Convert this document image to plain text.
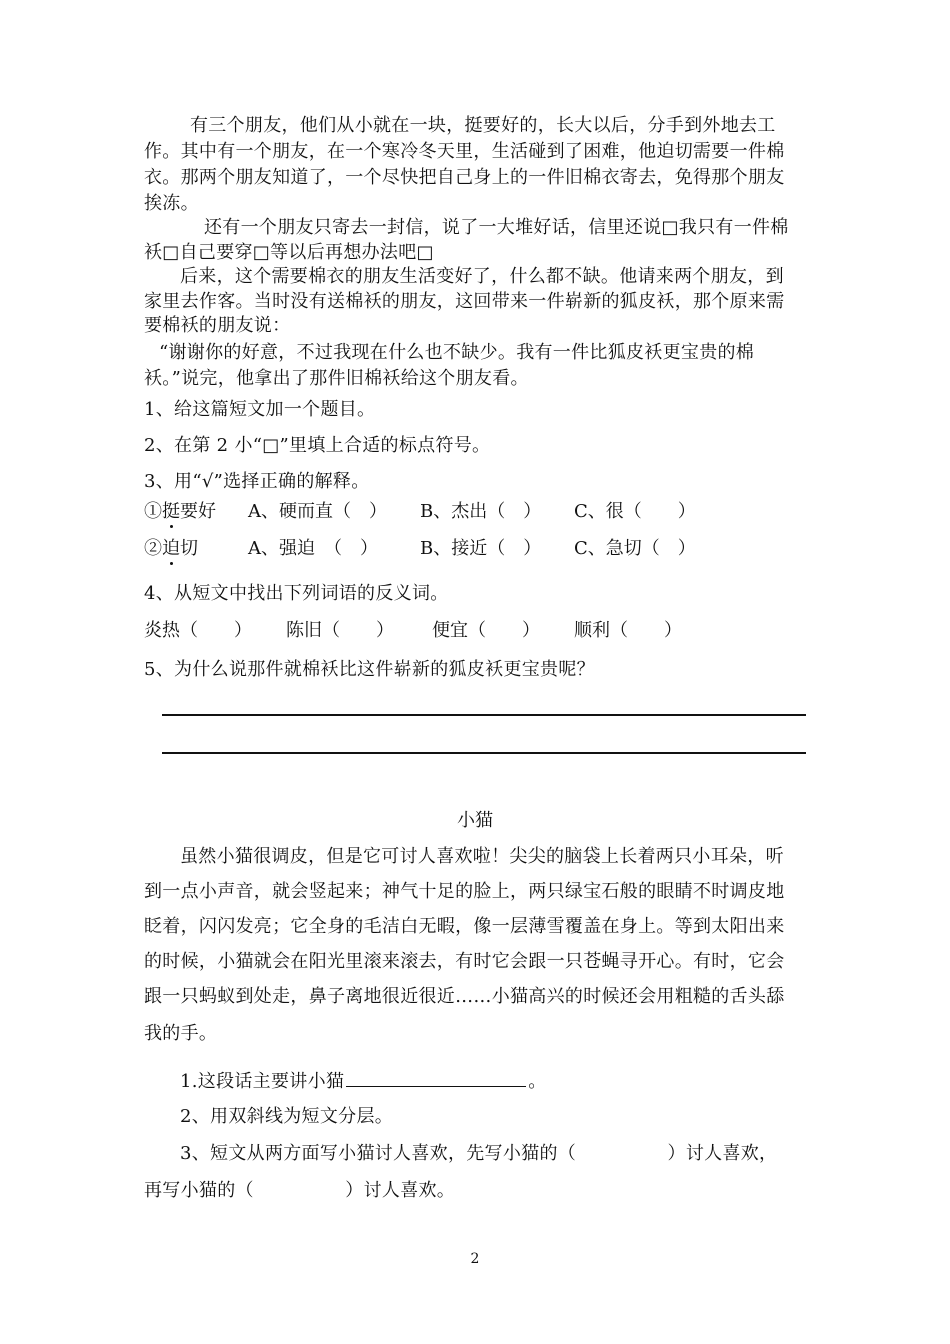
有三个朋友，他们从小就在一块，挺要好的，长大以后，分手到外地去工
作。其中有一个朋友，在一个寒冷冬天里，生活碰到了困难，他迫切需要一件棉
衣。那两个朋友知道了，一个尽快把自己身上的一件旧棉衣寄去，免得那个朋友
挨冻。
还有一个朋友只寄去一封信，说了一大堆好话，信里还说□我只有一件棉
袄□自己要穿□等以后再想办法吧□
后来，这个需要棉衣的朋友生活变好了，什么都不缺。他请来两个朋友，到
家里去作客。当时没有送棉袄的朋友，这回带来一件崭新的狐皮袄，那个原来需
要棉袄的朋友说：
“谢谢你的好意，不过我现在什么也不缺少。我有一件比狐皮袄更宝贵的棉
袄。”说完，他拿出了那件旧棉袄给这个朋友看。
1、给这篇短文加一个题目。
2、在第 2 小“□”里填上合适的标点符号。
3、用“√”选择正确的解释。
①挺要好 A、硬而直（　） B、杰出（　） C、很（　　）
②迫切	A、强迫　（　） B、接近（　） C、急切（　）
4、从短文中找出下列词语的反义词。
炎热（　　） 陈旧（　　） 便宜（　　） 顺利（　　）
5、为什么说那件就棉袄比这件崭新的狐皮袄更宝贵呢？
小猫
虽然小猫很调皮，但是它可讨人喜欢啦！尖尖的脑袋上长着两只小耳朵，听
到一点小声音，就会竖起来；神气十足的脸上，两只绿宝石般的眼睛不时调皮地
眨着，闪闪发亮；它全身的毛洁白无暇，像一层薄雪覆盖在身上。等到太阳出来
的时候，小猫就会在阳光里滚来滚去，有时它会跟一只苍蝇寻开心。有时，它会
跟一只蚂蚁到处走，鼻子离地很近很近……小猫高兴的时候还会用粗糙的舌头舔
我的手。
1.这段话主要讲小猫	。
2、用双斜线为短文分层。
3、短文从两方面写小猫讨人喜欢，先写小猫的（　　　　　）讨人喜欢，
再写小猫的（　　　　　）讨人喜欢。
2
